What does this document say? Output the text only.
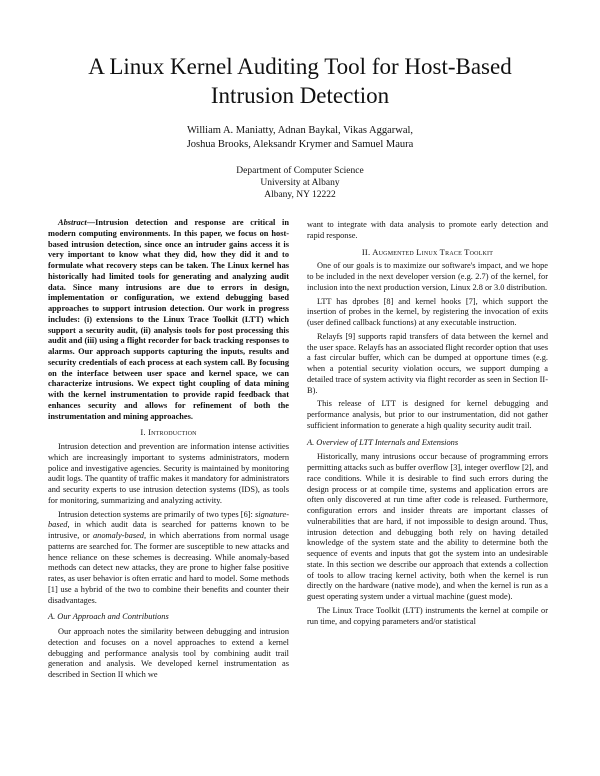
A Linux Kernel Auditing Tool for Host-Based
Intrusion Detection
William A. Maniatty, Adnan Baykal, Vikas Aggarwal,
Joshua Brooks, Aleksandr Krymer and Samuel Maura
Department of Computer Science
University at Albany
Albany, NY 12222

Abstract—Intrusion detection and response are critical in modern computing environments. In this paper, we focus on host-based intrusion detection, since once an intruder gains access it is very important to know what they did, how they did it and to formulate what recovery steps can be taken. The Linux kernel has historically had limited tools for generating and analyzing audit data. Since many intrusions are due to errors in design, implementation or configuration, we extend debugging based approaches to support intrusion detection. Our work in progress includes: (i) extensions to the Linux Trace Toolkit (LTT) which support a security audit, (ii) analysis tools for post processing this audit and (iii) using a flight recorder for back tracking responses to alarms. Our approach supports capturing the inputs, results and security credentials of each process at each system call. By focusing on the interface between user space and kernel space, we can characterize intrusions. We expect tight coupling of data mining with the kernel instrumentation to provide rapid feedback that enhances security and allows for refinement of both the instrumentation and mining approaches.

I. Introduction

Intrusion detection and prevention are information intense activities which are increasingly important to systems administrators, modern police and investigative agencies. Security is maintained by monitoring audit logs. The quantity of traffic makes it mandatory for administrators and security experts to use intrusion detection systems (IDS), as tools for monitoring, summarizing and analyzing activity.

Intrusion detection systems are primarily of two types [6]: signature-based, in which audit data is searched for patterns known to be intrusive, or anomaly-based, in which aberrations from normal usage patterns are searched for. The former are susceptible to new attacks and hence reliance on these schemes is decreasing. While anomaly-based methods can detect new attacks, they are prone to higher false positive rates, as user behavior is often erratic and hard to model. Some methods [1] use a hybrid of the two to combine their benefits and counter their disadvantages.

A. Our Approach and Contributions

Our approach notes the similarity between debugging and intrusion detection and focuses on a novel approaches to extend a kernel debugging and performance analysis tool by combining audit trail generation and analysis. We developed kernel instrumentation as described in Section II which we

want to integrate with data analysis to promote early detection and rapid response.

II. Augmented Linux Trace Toolkit

One of our goals is to maximize our software's impact, and we hope to be included in the next developer version (e.g. 2.7) of the kernel, for inclusion into the next production version, Linux 2.8 or 3.0 distribution.

LTT has dprobes [8] and kernel hooks [7], which support the insertion of probes in the kernel, by registering the invocation of exits (user defined callback functions) at any executable instruction.

Relayfs [9] supports rapid transfers of data between the kernel and the user space. Relayfs has an associated flight recorder option that uses a fast circular buffer, which can be dumped at opportune times (e.g. when a potential security violation occurs, we support dumping a detailed trace of system activity via flight recorder as seen in Section II-B).

This release of LTT is designed for kernel debugging and performance analysis, but prior to our instrumentation, did not gather sufficient information to generate a high quality security audit trail.

A. Overview of LTT Internals and Extensions

Historically, many intrusions occur because of programming errors permitting attacks such as buffer overflow [3], integer overflow [2], and race conditions. While it is desirable to find such errors during the design process or at compile time, systems and application errors are often only discovered at run time after code is released. Furthermore, configuration errors and insider threats are important classes of vulnerabilities that are hard, if not impossible to design around. Thus, intrusion detection and debugging both rely on having detailed knowledge of the system state and the ability to determine both the sequence of events and inputs that got the system into an undesirable state. In this section we describe our approach that extends a collection of tools to allow tracing kernel activity, both when the kernel is run directly on the hardware (native mode), and when the kernel is run as a guest operating system under a virtual machine (guest mode).

The Linux Trace Toolkit (LTT) instruments the kernel at compile or run time, and copying parameters and/or statistical
